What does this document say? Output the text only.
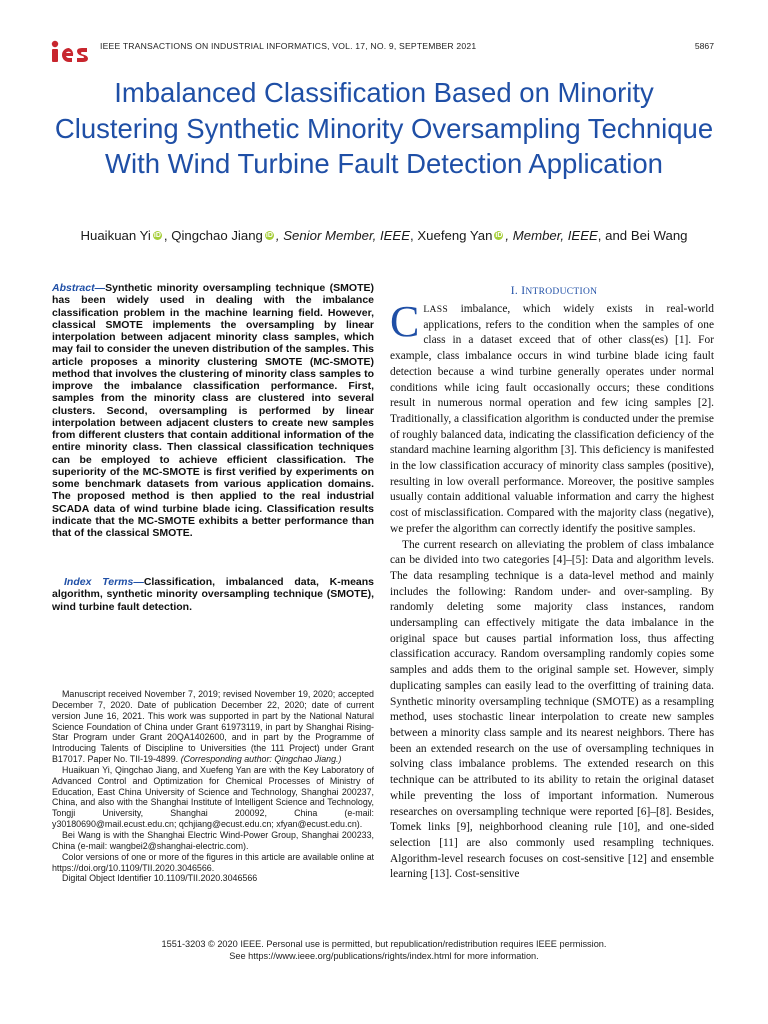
IEEE TRANSACTIONS ON INDUSTRIAL INFORMATICS, VOL. 17, NO. 9, SEPTEMBER 2021	5867
Imbalanced Classification Based on Minority Clustering Synthetic Minority Oversampling Technique With Wind Turbine Fault Detection Application
Huaikuan Yi iD , Qingchao Jiang iD , Senior Member, IEEE, Xuefeng Yan iD , Member, IEEE, and Bei Wang
Abstract—Synthetic minority oversampling technique (SMOTE) has been widely used in dealing with the imbalance classification problem in the machine learning field. However, classical SMOTE implements the oversampling by linear interpolation between adjacent minority class samples, which may fail to consider the uneven distribution of the samples. This article proposes a minority clustering SMOTE (MC-SMOTE) method that involves the clustering of minority class samples to improve the imbalance classification performance. First, samples from the minority class are clustered into several clusters. Second, oversampling is performed by linear interpolation between adjacent clusters to create new samples from different clusters that contain additional information of the entire minority class. Then classical classification techniques can be employed to achieve efficient classification. The superiority of the MC-SMOTE is first verified by experiments on some benchmark datasets from various application domains. The proposed method is then applied to the real industrial SCADA data of wind turbine blade icing. Classification results indicate that the MC-SMOTE exhibits a better performance than that of the classical SMOTE.
Index Terms—Classification, imbalanced data, K-means algorithm, synthetic minority oversampling technique (SMOTE), wind turbine fault detection.

Manuscript received November 7, 2019; revised November 19, 2020; accepted December 7, 2020. Date of publication December 22, 2020; date of current version June 16, 2021. This work was supported in part by the National Natural Science Foundation of China under Grant 61973119, in part by Shanghai Rising-Star Program under Grant 20QA1402600, and in part by the Programme of Introducing Talents of Discipline to Universities (the 111 Project) under Grant B17017. Paper No. TII-19-4899. (Corresponding author: Qingchao Jiang.)

Huaikuan Yi, Qingchao Jiang, and Xuefeng Yan are with the Key Laboratory of Advanced Control and Optimization for Chemical Processes of Ministry of Education, East China University of Science and Technology, Shanghai 200237, China, and also with the Shanghai Institute of Intelligent Science and Technology, Tongji University, Shanghai 200092, China (e-mail: y30180690@mail.ecust.edu.cn; qchjiang@ecust.edu.cn; xfyan@ecust.edu.cn).

Bei Wang is with the Shanghai Electric Wind-Power Group, Shanghai 200233, China (e-mail: wangbei2@shanghai-electric.com).

Color versions of one or more of the figures in this article are available online at https://doi.org/10.1109/TII.2020.3046566.

Digital Object Identifier 10.1109/TII.2020.3046566

I. INTRODUCTION

CLASS imbalance, which widely exists in real-world applications, refers to the condition when the samples of one class in a dataset exceed that of other class(es) [1]. For example, class imbalance occurs in wind turbine blade icing fault detection because a wind turbine generally operates under normal conditions while icing fault occasionally occurs; these conditions result in numerous normal operation and few icing samples [2]. Traditionally, a classification algorithm is conducted under the premise of roughly balanced data, indicating the classification deficiency of the standard machine learning algorithm [3]. This deficiency is manifested in the low classification accuracy of minority class samples (positive), resulting in low overall performance. Moreover, the positive samples usually contain additional valuable information and carry the highest cost of misclassification. Compared with the majority class (negative), we prefer the algorithm can correctly identify the positive samples.

The current research on alleviating the problem of class imbalance can be divided into two categories [4]–[5]: Data and algorithm levels. The data resampling technique is a data-level method and mainly includes the following: Random under- and over-sampling. By randomly deleting some majority class instances, random undersampling can effectively mitigate the data imbalance in the original space but causes partial information loss, thus affecting classification accuracy. Random oversampling randomly copies some samples and adds them to the original sample set. However, simply duplicating samples can easily lead to the overfitting of training data. Synthetic minority oversampling technique (SMOTE) as a resampling method, uses stochastic linear interpolation to create new samples between a minority class sample and its nearest neighbors. There has been an extended research on the use of oversampling techniques in solving class imbalance problems. The extended research on this technique can be attributed to its ability to retain the original dataset while preventing the loss of important information. Numerous researches on oversampling technique were reported [6]–[8]. Besides, Tomek links [9], neighborhood cleaning rule [10], and one-sided selection [11] are also commonly used resampling techniques. Algorithm-level research focuses on cost-sensitive [12] and ensemble learning [13]. Cost-sensitive

1551-3203 © 2020 IEEE. Personal use is permitted, but republication/redistribution requires IEEE permission.
See https://www.ieee.org/publications/rights/index.html for more information.
